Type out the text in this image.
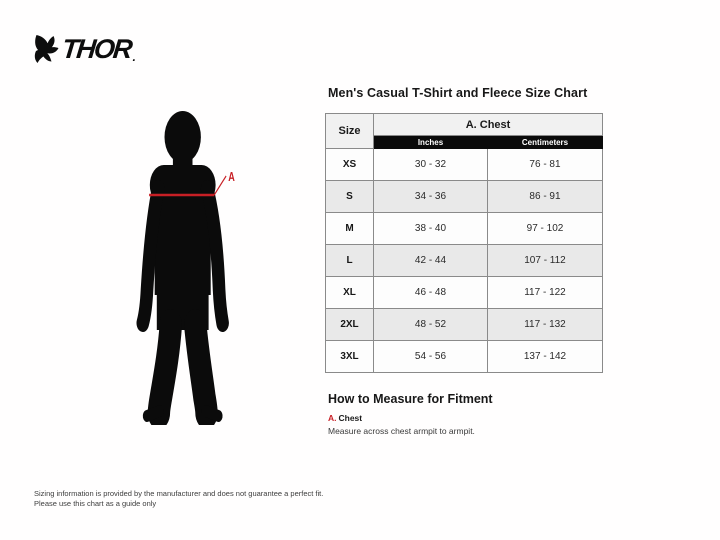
THOR .
A
Men's Casual T-Shirt and Fleece Size Chart
Size	A. Chest	
	Inches	Centimeters
XS	30 - 32	76 - 81
S	34 - 36	86 - 91
M	38 - 40	97 - 102
L	42 - 44	107 - 112
XL	46 - 48	117 - 122
2XL	48 - 52	117 - 132
3XL	54 - 56	137 - 142
How to Measure for Fitment
A. Chest
Measure across chest armpit to armpit.
Sizing information is provided by the manufacturer and does not guarantee a perfect fit.
Please use this chart as a guide only
